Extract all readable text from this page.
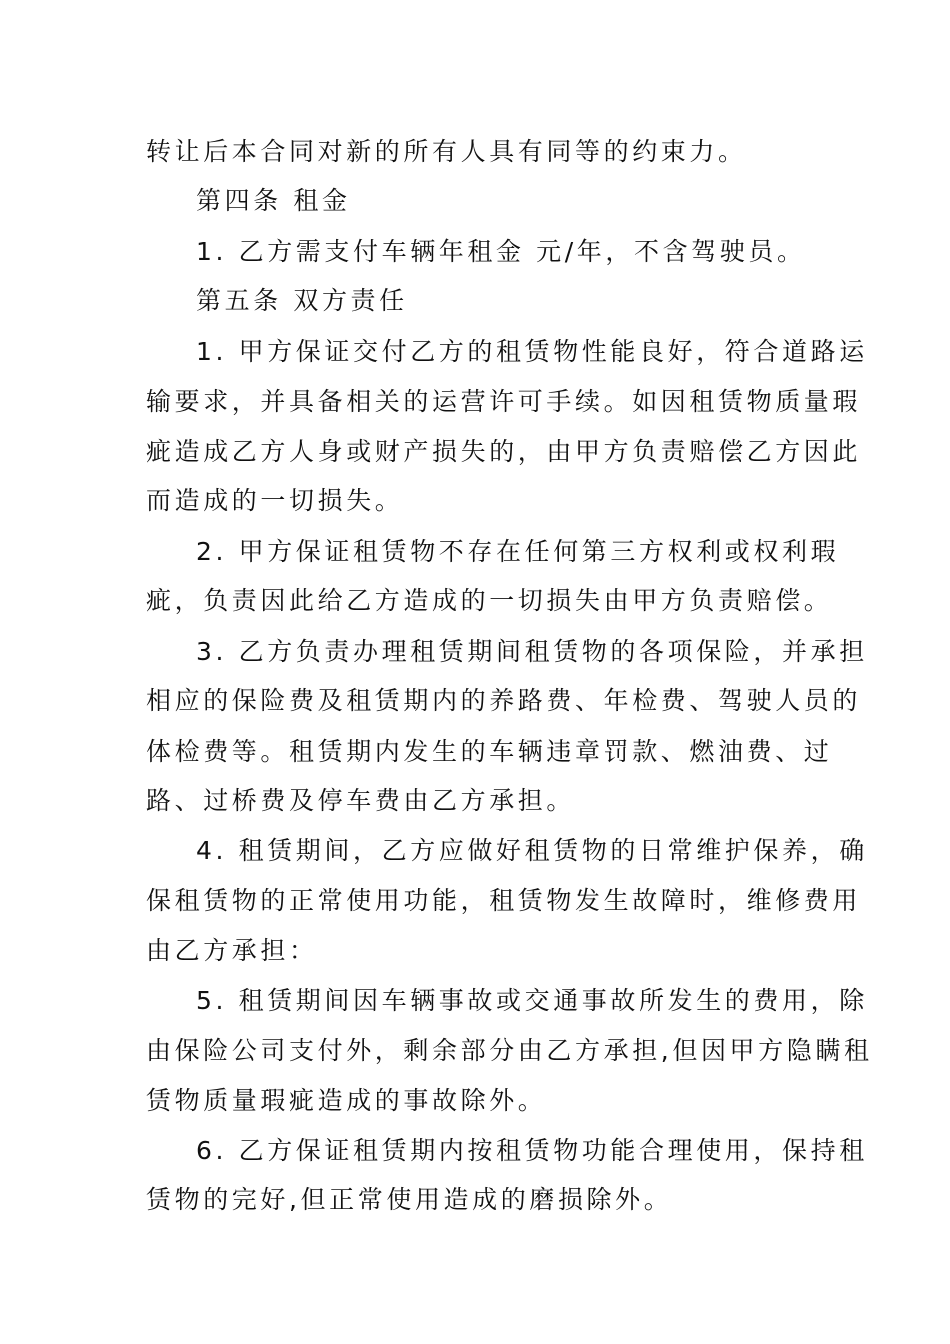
转让后本合同对新的所有人具有同等的约束力。
第四条 租金
1. 乙方需支付车辆年租金 元/年，不含驾驶员。
第五条 双方责任
1. 甲方保证交付乙方的租赁物性能良好，符合道路运
输要求，并具备相关的运营许可手续。如因租赁物质量瑕
疵造成乙方人身或财产损失的，由甲方负责赔偿乙方因此
而造成的一切损失。
2. 甲方保证租赁物不存在任何第三方权利或权利瑕
疵，负责因此给乙方造成的一切损失由甲方负责赔偿。
3. 乙方负责办理租赁期间租赁物的各项保险，并承担
相应的保险费及租赁期内的养路费、年检费、驾驶人员的
体检费等。租赁期内发生的车辆违章罚款、燃油费、过
路、过桥费及停车费由乙方承担。
4. 租赁期间，乙方应做好租赁物的日常维护保养，确
保租赁物的正常使用功能，租赁物发生故障时，维修费用
由乙方承担：
5. 租赁期间因车辆事故或交通事故所发生的费用，除
由保险公司支付外，剩余部分由乙方承担,但因甲方隐瞒租
赁物质量瑕疵造成的事故除外。
6. 乙方保证租赁期内按租赁物功能合理使用，保持租
赁物的完好,但正常使用造成的磨损除外。
